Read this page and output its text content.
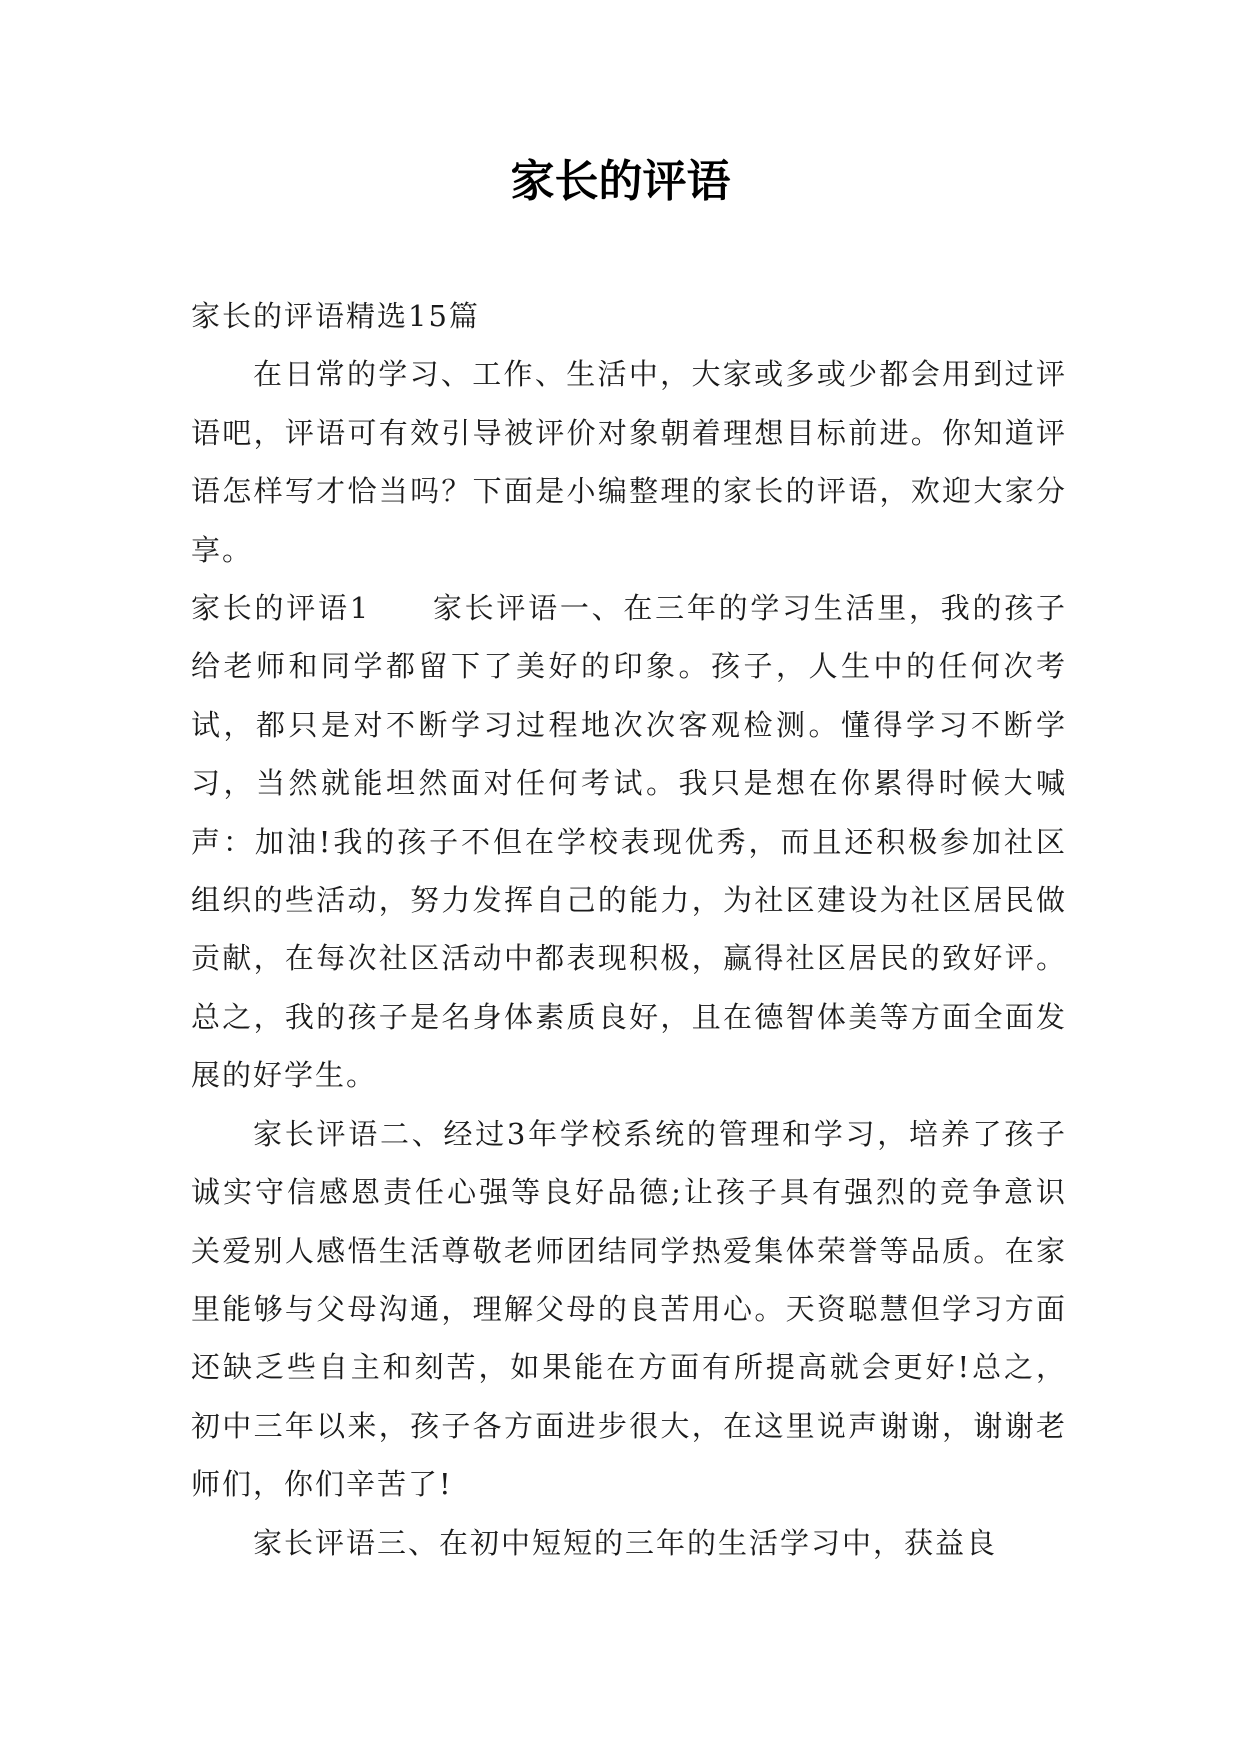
家长的评语

家长的评语精选15篇

在日常的学习、工作、生活中，大家或多或少都会用到过评语吧，评语可有效引导被评价对象朝着理想目标前进。你知道评语怎样写才恰当吗？下面是小编整理的家长的评语，欢迎大家分享。

家长的评语1 家长评语一、在三年的学习生活里，我的孩子给老师和同学都留下了美好的印象。孩子，人生中的任何次考试，都只是对不断学习过程地次次客观检测。懂得学习不断学习，当然就能坦然面对任何考试。我只是想在你累得时候大喊声：加油!我的孩子不但在学校表现优秀，而且还积极参加社区组织的些活动，努力发挥自己的能力，为社区建设为社区居民做贡献，在每次社区活动中都表现积极，赢得社区居民的致好评。总之，我的孩子是名身体素质良好，且在德智体美等方面全面发展的好学生。

家长评语二、经过3年学校系统的管理和学习，培养了孩子诚实守信感恩责任心强等良好品德;让孩子具有强烈的竞争意识关爱别人感悟生活尊敬老师团结同学热爱集体荣誉等品质。在家里能够与父母沟通，理解父母的良苦用心。天资聪慧但学习方面还缺乏些自主和刻苦，如果能在方面有所提高就会更好!总之，初中三年以来，孩子各方面进步很大，在这里说声谢谢，谢谢老师们，你们辛苦了!

家长评语三、在初中短短的三年的生活学习中，获益良
